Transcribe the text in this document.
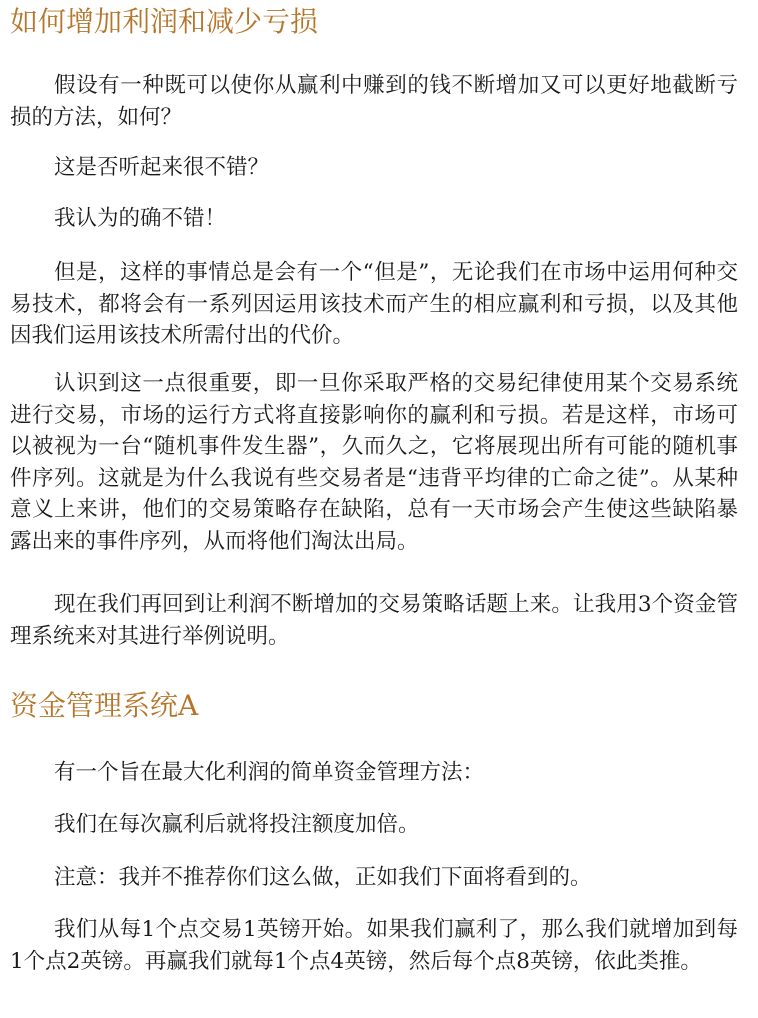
如何增加利润和减少亏损

假设有一种既可以使你从赢利中赚到的钱不断增加又可以更好地截断亏损的方法，如何？

这是否听起来很不错？

我认为的确不错！

但是，这样的事情总是会有一个“但是”，无论我们在市场中运用何种交易技术，都将会有一系列因运用该技术而产生的相应赢利和亏损，以及其他因我们运用该技术所需付出的代价。

认识到这一点很重要，即一旦你采取严格的交易纪律使用某个交易系统进行交易，市场的运行方式将直接影响你的赢利和亏损。若是这样，市场可以被视为一台“随机事件发生器”，久而久之，它将展现出所有可能的随机事件序列。这就是为什么我说有些交易者是“违背平均律的亡命之徒”。从某种意义上来讲，他们的交易策略存在缺陷，总有一天市场会产生使这些缺陷暴露出来的事件序列，从而将他们淘汰出局。

现在我们再回到让利润不断增加的交易策略话题上来。让我用3个资金管理系统来对其进行举例说明。

资金管理系统A

有一个旨在最大化利润的简单资金管理方法：

我们在每次赢利后就将投注额度加倍。

注意：我并不推荐你们这么做，正如我们下面将看到的。

我们从每1个点交易1英镑开始。如果我们赢利了，那么我们就增加到每1个点2英镑。再赢我们就每1个点4英镑，然后每个点8英镑，依此类推。
